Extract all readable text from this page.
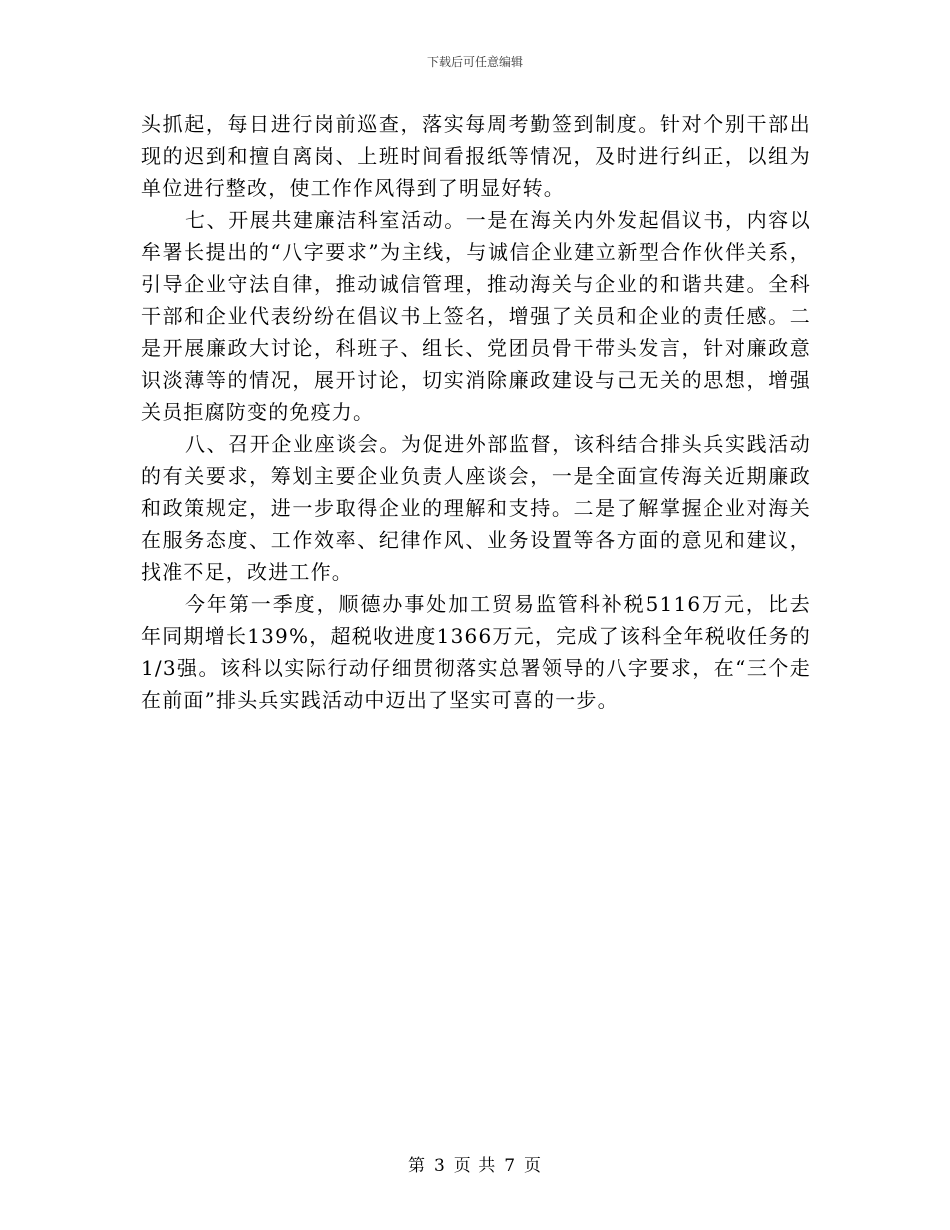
下载后可任意编辑

头抓起，每日进行岗前巡查，落实每周考勤签到制度。针对个别干部出现的迟到和擅自离岗、上班时间看报纸等情况，及时进行纠正，以组为单位进行整改，使工作作风得到了明显好转。

七、开展共建廉洁科室活动。一是在海关内外发起倡议书，内容以牟署长提出的“八字要求”为主线，与诚信企业建立新型合作伙伴关系，引导企业守法自律，推动诚信管理，推动海关与企业的和谐共建。全科干部和企业代表纷纷在倡议书上签名，增强了关员和企业的责任感。二是开展廉政大讨论，科班子、组长、党团员骨干带头发言，针对廉政意识淡薄等的情况，展开讨论，切实消除廉政建设与己无关的思想，增强关员拒腐防变的免疫力。

八、召开企业座谈会。为促进外部监督，该科结合排头兵实践活动的有关要求，筹划主要企业负责人座谈会，一是全面宣传海关近期廉政和政策规定，进一步取得企业的理解和支持。二是了解掌握企业对海关在服务态度、工作效率、纪律作风、业务设置等各方面的意见和建议，找准不足，改进工作。

今年第一季度，顺德办事处加工贸易监管科补税5116万元，比去年同期增长139%，超税收进度1366万元，完成了该科全年税收任务的1/3强。该科以实际行动仔细贯彻落实总署领导的八字要求，在“三个走在前面”排头兵实践活动中迈出了坚实可喜的一步。

第 3 页 共 7 页
